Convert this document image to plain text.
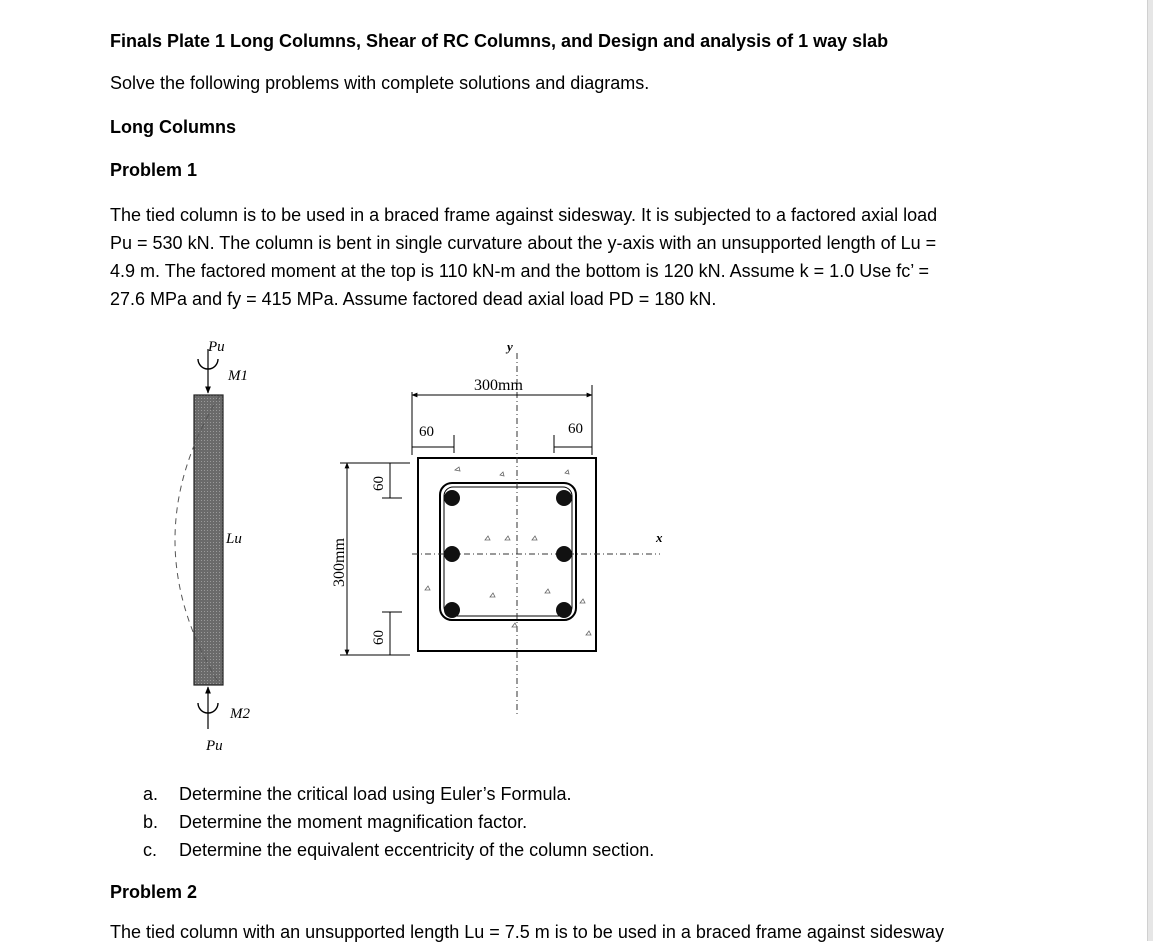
Finals Plate 1 Long Columns, Shear of RC Columns, and Design and analysis of 1 way slab
Solve the following problems with complete solutions and diagrams.
Long Columns
Problem 1
The tied column is to be used in a braced frame against sidesway. It is subjected to a factored axial load
Pu = 530 kN. The column is bent in single curvature about the y-axis with an unsupported length of Lu =
4.9 m. The factored moment at the top is 110 kN-m and the bottom is 120 kN. Assume k = 1.0 Use fc’ =
27.6 MPa and fy = 415 MPa. Assume factored dead axial load PD = 180 kN.
Pu
M1
Lu
M2
Pu
y
x
300mm
60	60
300mm
60
60
a. Determine the critical load using Euler’s Formula.
b. Determine the moment magnification factor.
c. Determine the equivalent eccentricity of the column section.
Problem 2
The tied column with an unsupported length Lu = 7.5 m is to be used in a braced frame against sidesway
